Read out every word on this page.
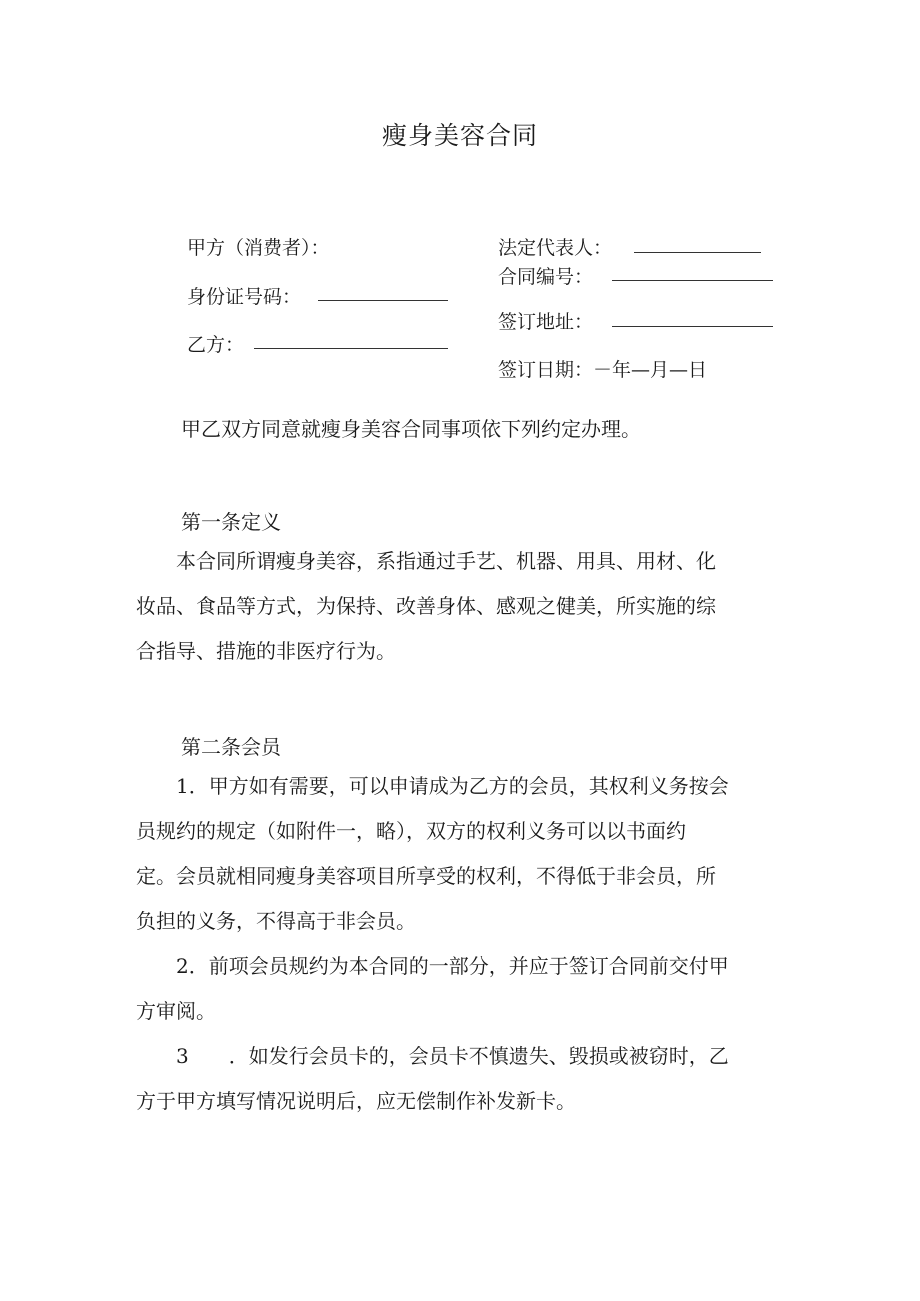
瘦身美容合同
甲方（消费者）：
身份证号码：
乙方：
法定代表人：
合同编号：
签订地址：
签订日期：－年—月—日
甲乙双方同意就瘦身美容合同事项依下列约定办理。
第一条定义
　　本合同所谓瘦身美容，系指通过手艺、机器、用具、用材、化
妆品、食品等方式，为保持、改善身体、感观之健美，所实施的综
合指导、措施的非医疗行为。
第二条会员
　　1．甲方如有需要，可以申请成为乙方的会员，其权利义务按会
员规约的规定（如附件一，略），双方的权利义务可以以书面约
定。会员就相同瘦身美容项目所享受的权利，不得低于非会员，所
负担的义务，不得高于非会员。
　　2．前项会员规约为本合同的一部分，并应于签订合同前交付甲
方审阅。
　　3　　．如发行会员卡的，会员卡不慎遗失、毁损或被窃时，乙
方于甲方填写情况说明后，应无偿制作补发新卡。
